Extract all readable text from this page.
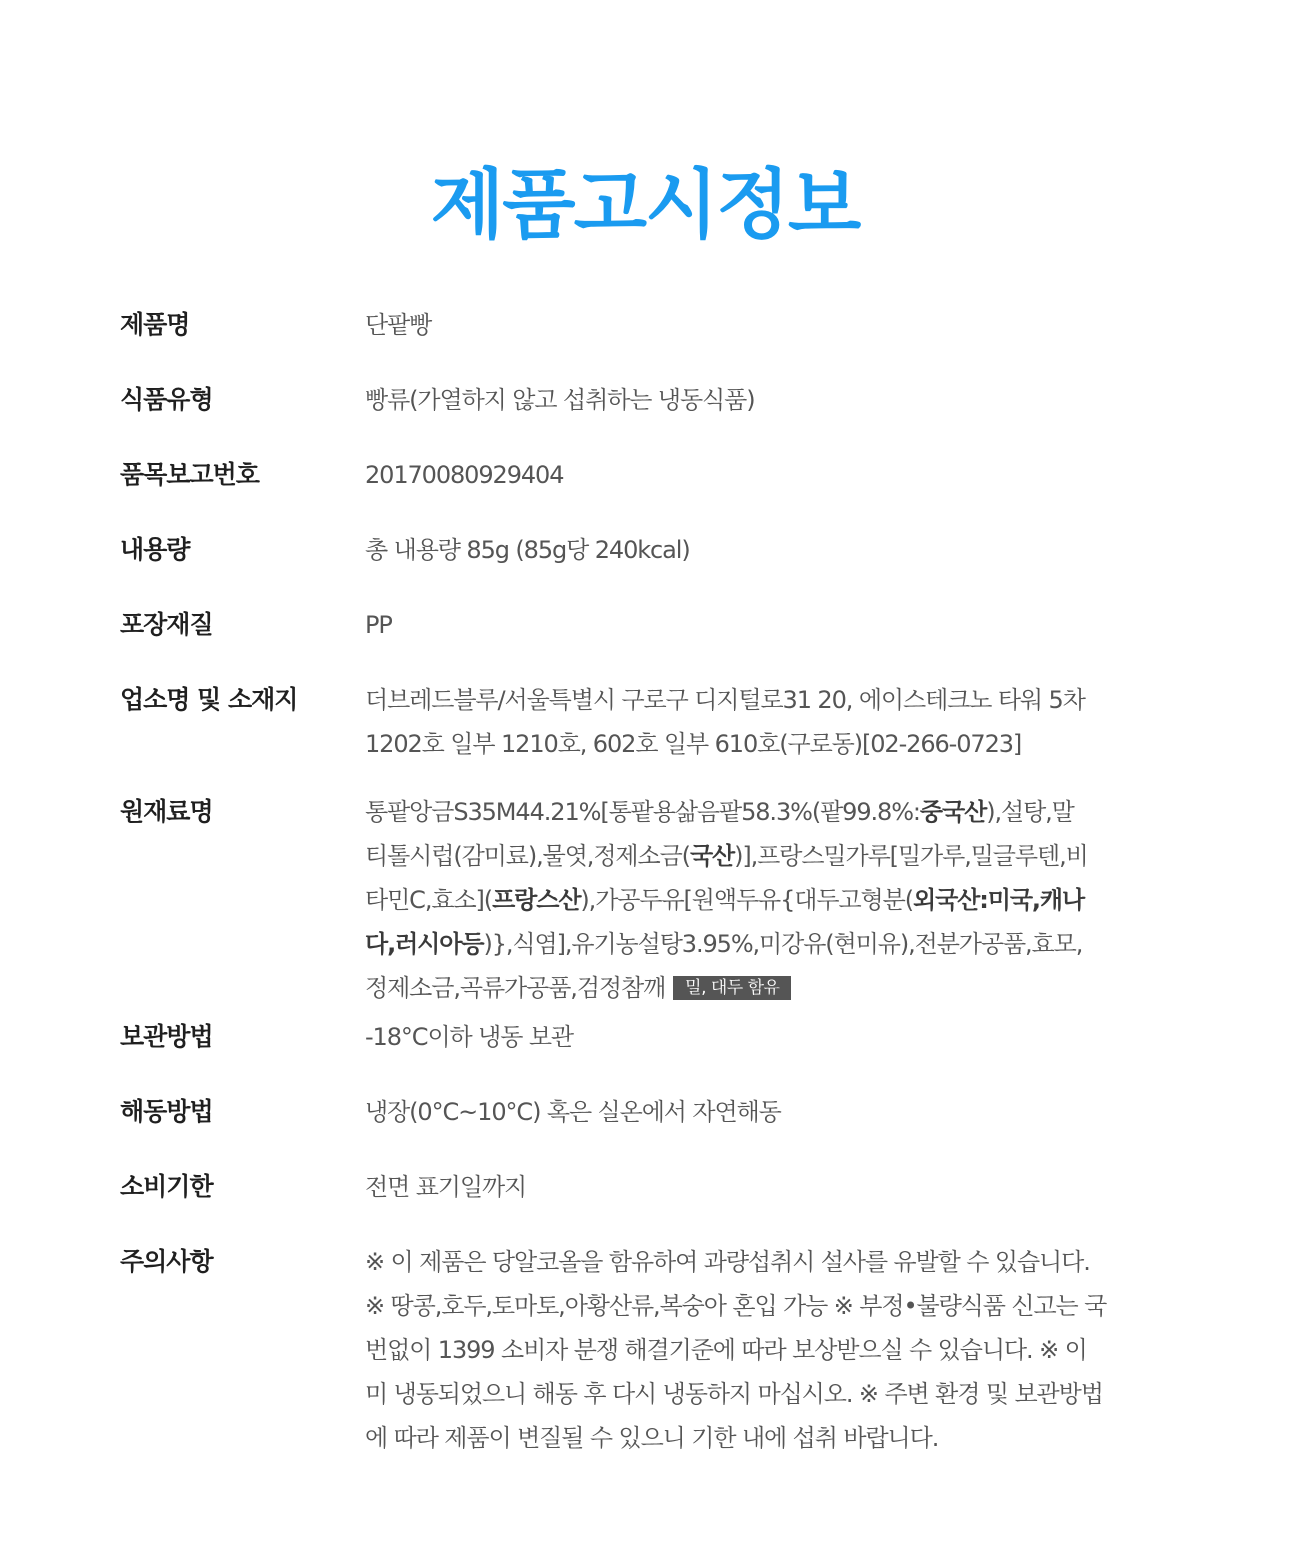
제품고시정보
제품명	단팥빵
식품유형	빵류(가열하지 않고 섭취하는 냉동식품)
품목보고번호	20170080929404
내용량	총 내용량 85g (85g당 240kcal)
포장재질	PP
업소명 및 소재지	더브레드블루/서울특별시 구로구 디지털로31 20, 에이스테크노 타워 5차
1202호 일부 1210호, 602호 일부 610호(구로동)[02-266-0723]
원재료명	통팥앙금S35M44.21%[통팥용삶음팥58.3%(팥99.8%:중국산),설탕,말
티톨시럽(감미료),물엿,정제소금(국산)],프랑스밀가루[밀가루,밀글루텐,비
타민C,효소](프랑스산),가공두유[원액두유{대두고형분(외국산:미국,캐나
다,러시아등)},식염],유기농설탕3.95%,미강유(현미유),전분가공품,효모,
정제소금,곡류가공품,검정참깨 밀, 대두 함유
보관방법	-18°C이하 냉동 보관
해동방법	냉장(0°C~10°C) 혹은 실온에서 자연해동
소비기한	전면 표기일까지
주의사항	※ 이 제품은 당알코올을 함유하여 과량섭취시 설사를 유발할 수 있습니다.
※ 땅콩,호두,토마토,아황산류,복숭아 혼입 가능 ※ 부정•불량식품 신고는 국
번없이 1399 소비자 분쟁 해결기준에 따라 보상받으실 수 있습니다. ※ 이
미 냉동되었으니 해동 후 다시 냉동하지 마십시오. ※ 주변 환경 및 보관방법
에 따라 제품이 변질될 수 있으니 기한 내에 섭취 바랍니다.
